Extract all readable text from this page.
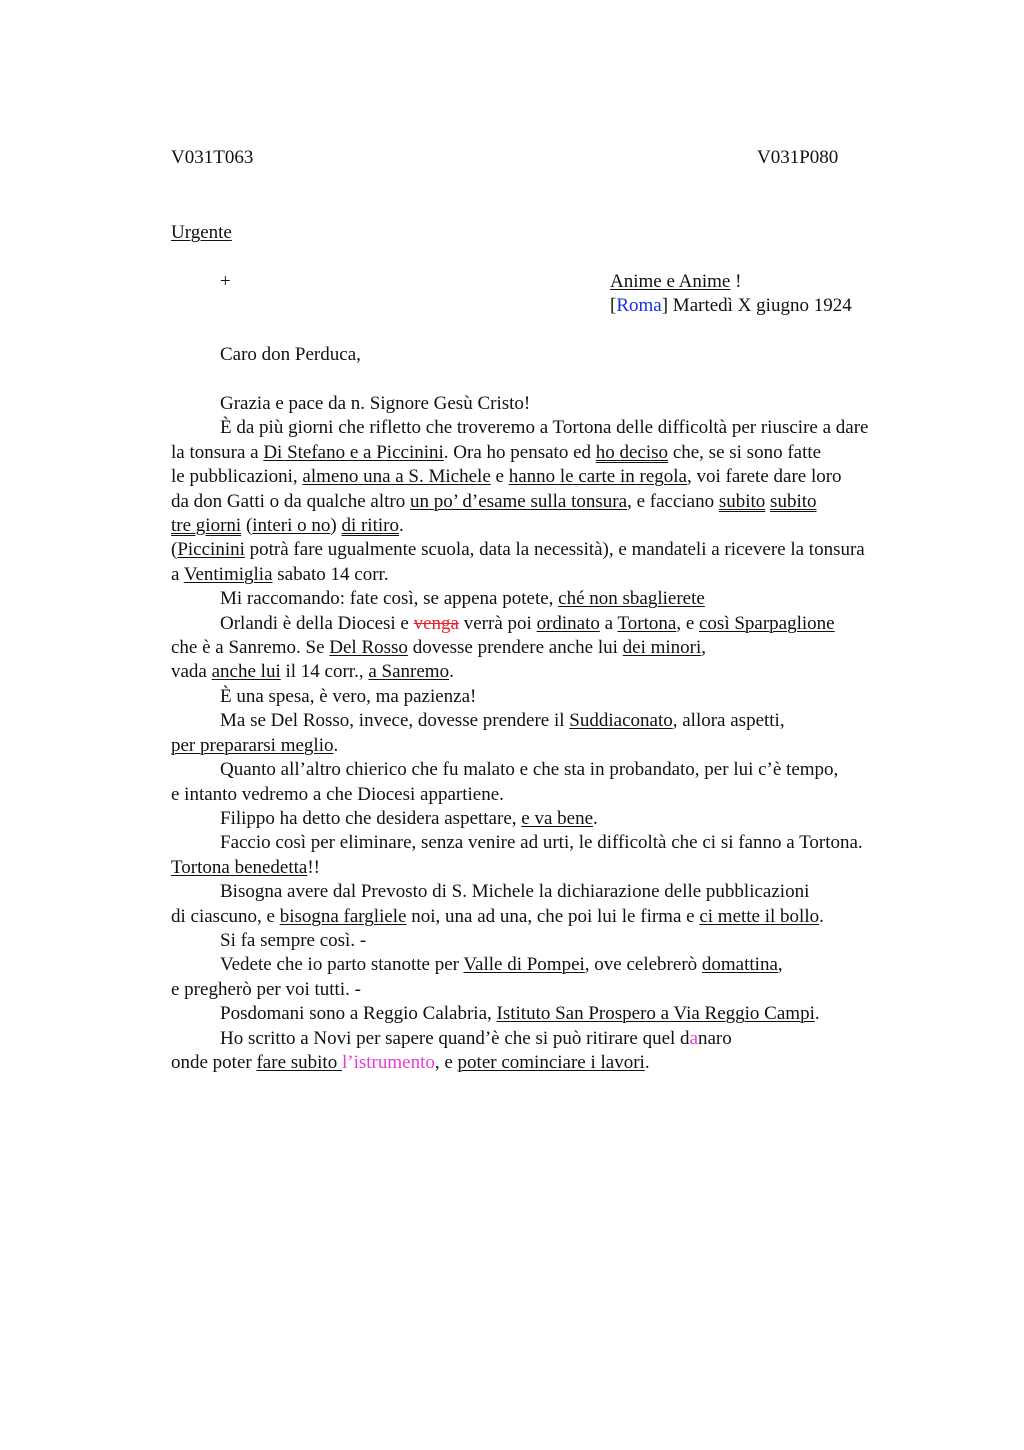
V031T063	V031P080
Urgente
+	Anime e Anime !
[Roma] Martedì X giugno 1924
Caro don Perduca,

Grazia e pace da n. Signore Gesù Cristo!

È da più giorni che rifletto che troveremo a Tortona delle difficoltà per riuscire a dare

la tonsura a Di Stefano e a Piccinini. Ora ho pensato ed ho deciso che, se si sono fatte

le pubblicazioni, almeno una a S. Michele e hanno le carte in regola, voi farete dare loro

da don Gatti o da qualche altro un po’ d’esame sulla tonsura, e facciano subito subito

tre giorni (interi o no) di ritiro.

(Piccinini potrà fare ugualmente scuola, data la necessità), e mandateli a ricevere la tonsura

a Ventimiglia sabato 14 corr.

Mi raccomando: fate così, se appena potete, ché non sbaglierete

Orlandi è della Diocesi e venga verrà poi ordinato a Tortona, e così Sparpaglione

che è a Sanremo. Se Del Rosso dovesse prendere anche lui dei minori,

vada anche lui il 14 corr., a Sanremo.

È una spesa, è vero, ma pazienza!

Ma se Del Rosso, invece, dovesse prendere il Suddiaconato, allora aspetti,

per prepararsi meglio.

Quanto all’altro chierico che fu malato e che sta in probandato, per lui c’è tempo,

e intanto vedremo a che Diocesi appartiene.

Filippo ha detto che desidera aspettare, e va bene.

Faccio così per eliminare, senza venire ad urti, le difficoltà che ci si fanno a Tortona.

Tortona benedetta!!

Bisogna avere dal Prevosto di S. Michele la dichiarazione delle pubblicazioni

di ciascuno, e bisogna fargliele noi, una ad una, che poi lui le firma e ci mette il bollo.

Si fa sempre così. -

Vedete che io parto stanotte per Valle di Pompei, ove celebrerò domattina,

e pregherò per voi tutti. -

Posdomani sono a Reggio Calabria, Istituto San Prospero a Via Reggio Campi.

Ho scritto a Novi per sapere quand’è che si può ritirare quel danaro

onde poter fare subito l’istrumento, e poter cominciare i lavori.
